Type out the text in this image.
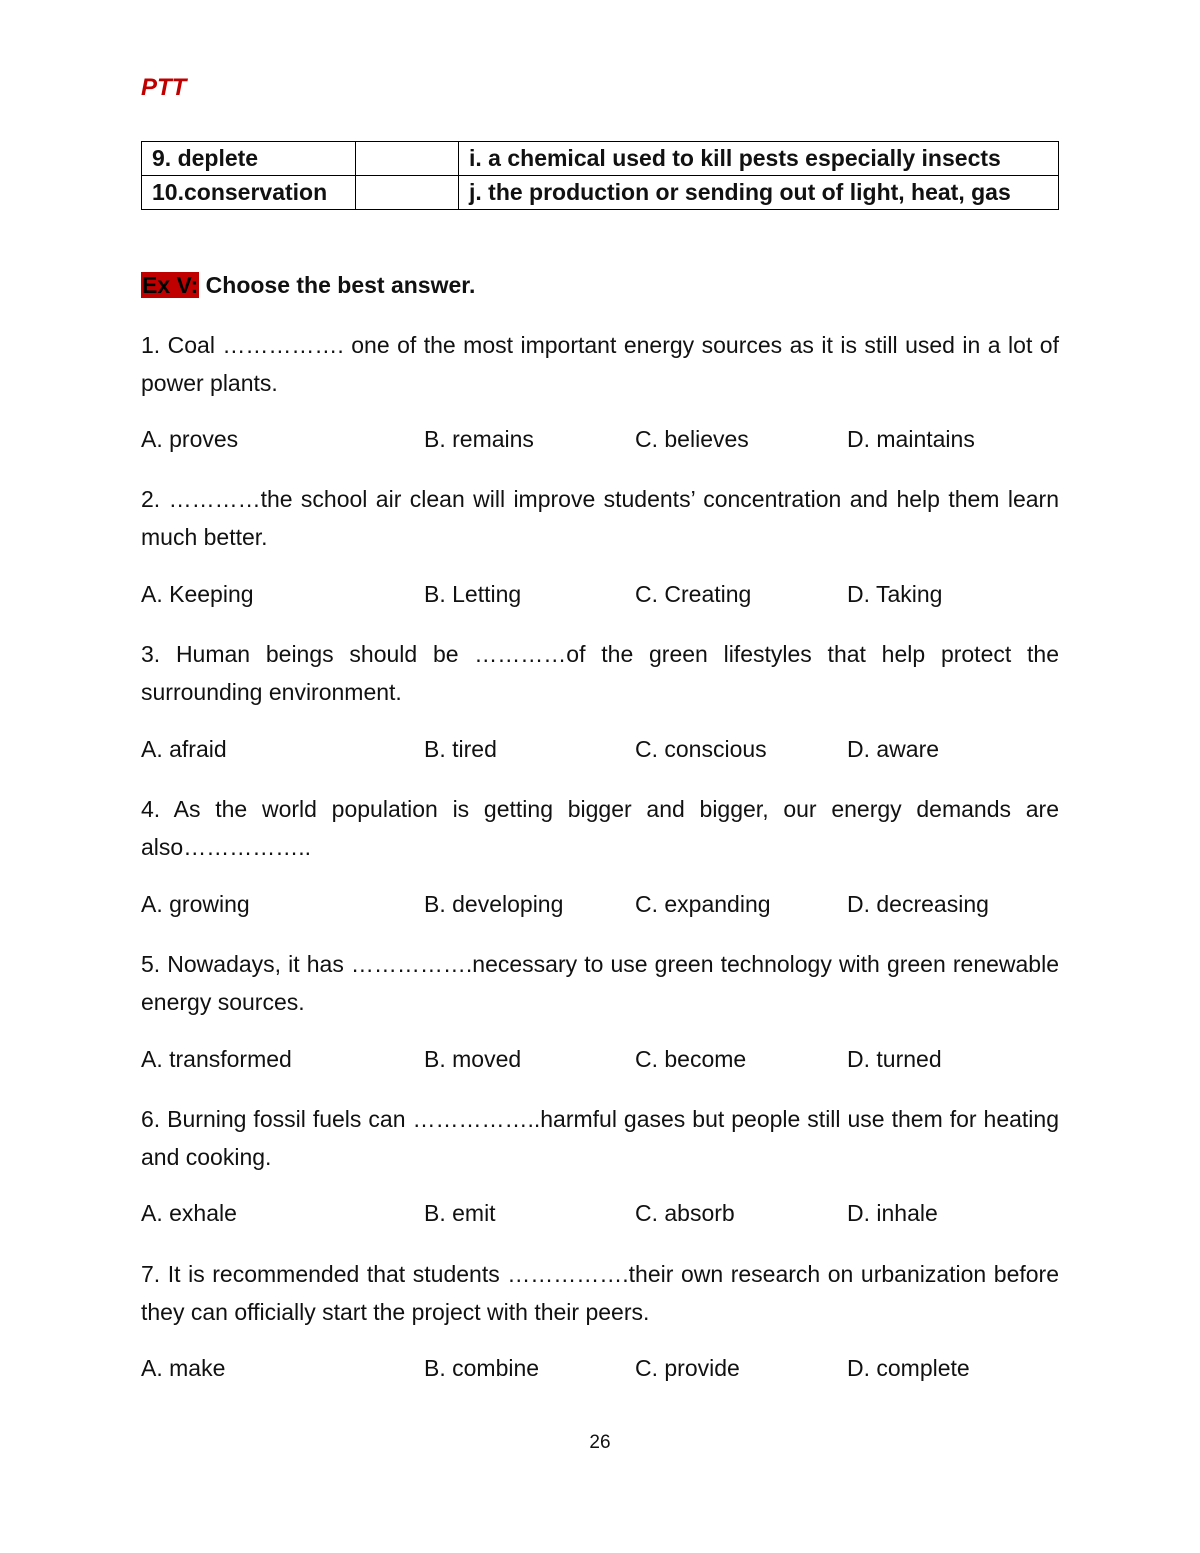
PTT
9. deplete		i. a chemical used to kill pests especially insects
10.conservation		j. the production or sending out of light, heat, gas
Ex V: Choose the best answer.
1. Coal ……………. one of the most important energy sources as it is still used in a lot of power plants.
A. proves	B. remains	C. believes	D. maintains
2. …………the school air clean will improve students’ concentration and help them learn much better.
A. Keeping	B. Letting	C. Creating	D. Taking
3. Human beings should be …………of the green lifestyles that help protect the surrounding environment.
A. afraid	B. tired	C. conscious	D. aware
4. As the world population is getting bigger and bigger, our energy demands are also……………..
A. growing	B. developing	C. expanding	D. decreasing
5. Nowadays, it has …………….necessary to use green technology with green renewable energy sources.
A. transformed	B. moved	C. become	D. turned
6. Burning fossil fuels can ……………..harmful gases but people still use them for heating and cooking.
A. exhale	B. emit	C. absorb	D. inhale
7. It is recommended that students …………….their own research on urbanization before they can officially start the project with their peers.
A. make	B. combine	C. provide	D. complete
26
